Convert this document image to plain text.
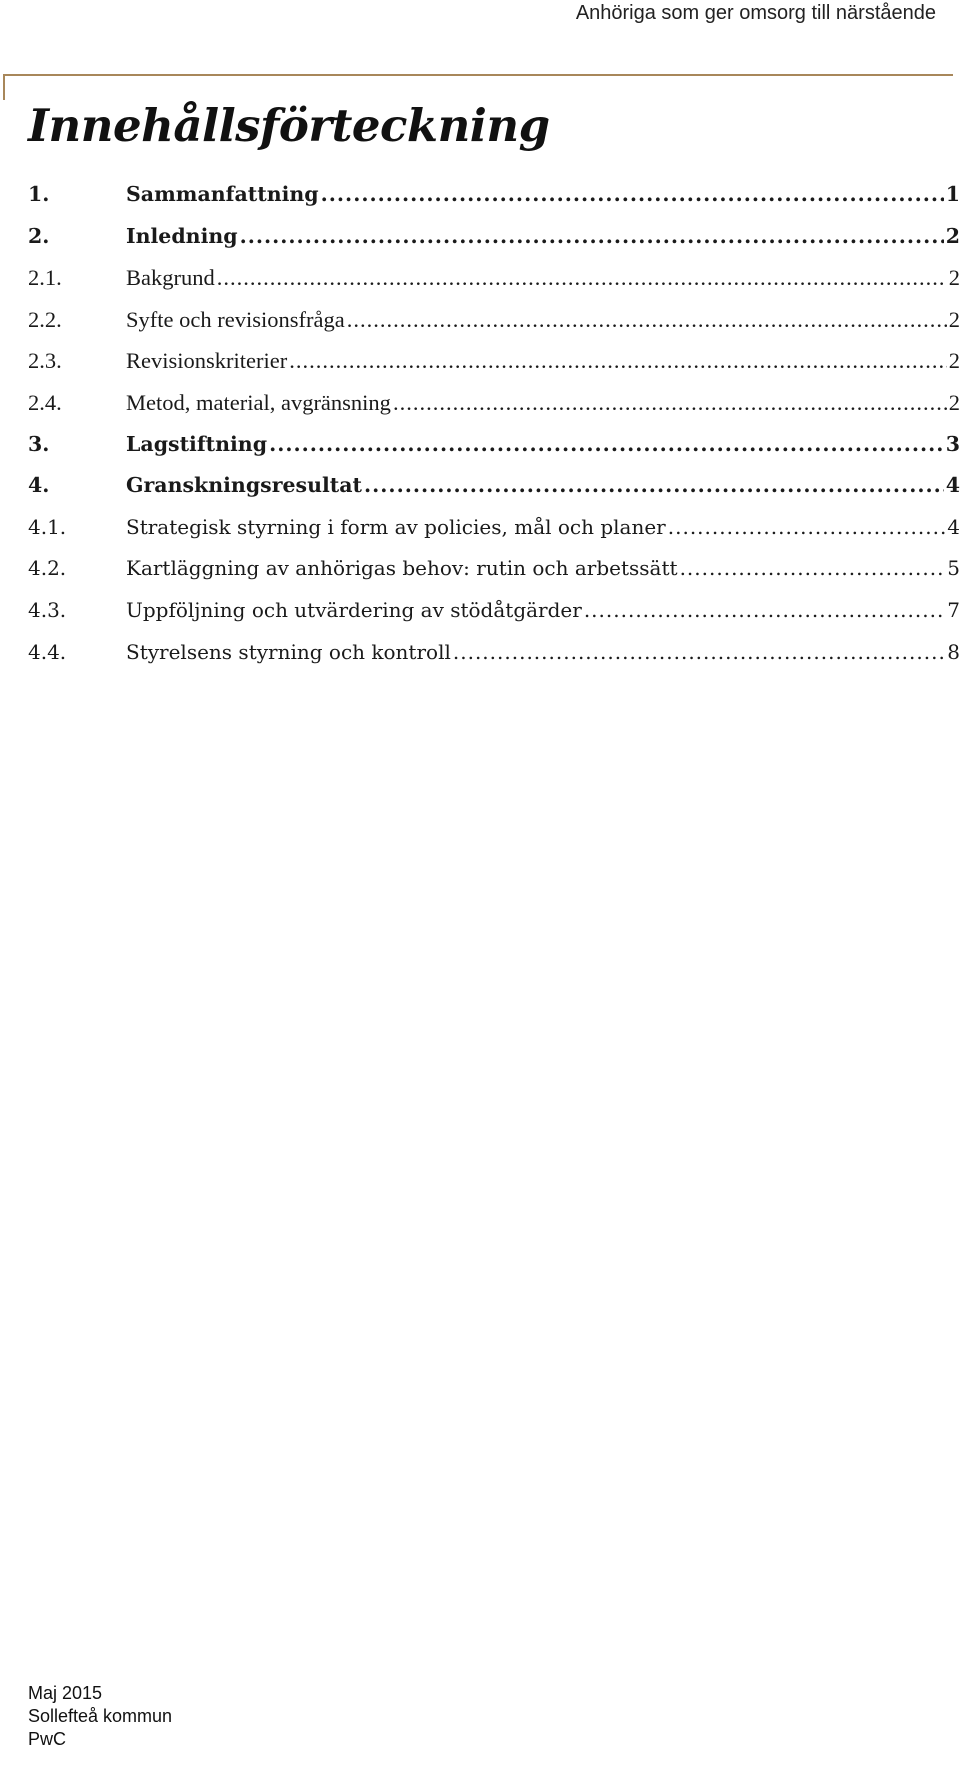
Anhöriga som ger omsorg till närstående
Innehållsförteckning
1.	Sammanfattning .....	1
2.	Inledning .....	2
2.1.	Bakgrund .....	2
2.2.	Syfte och revisionsfråga .....	2
2.3.	Revisionskriterier .....	2
2.4.	Metod, material, avgränsning .....	2
3.	Lagstiftning .....	3
4.	Granskningsresultat .....	4
4.1.	Strategisk styrning i form av policies, mål och planer .....	4
4.2.	Kartläggning av anhörigas behov: rutin och arbetssätt .....	5
4.3.	Uppföljning och utvärdering av stödåtgärder .....	7
4.4.	Styrelsens styrning och kontroll .....	8
Maj 2015
Sollefteå kommun
PwC
